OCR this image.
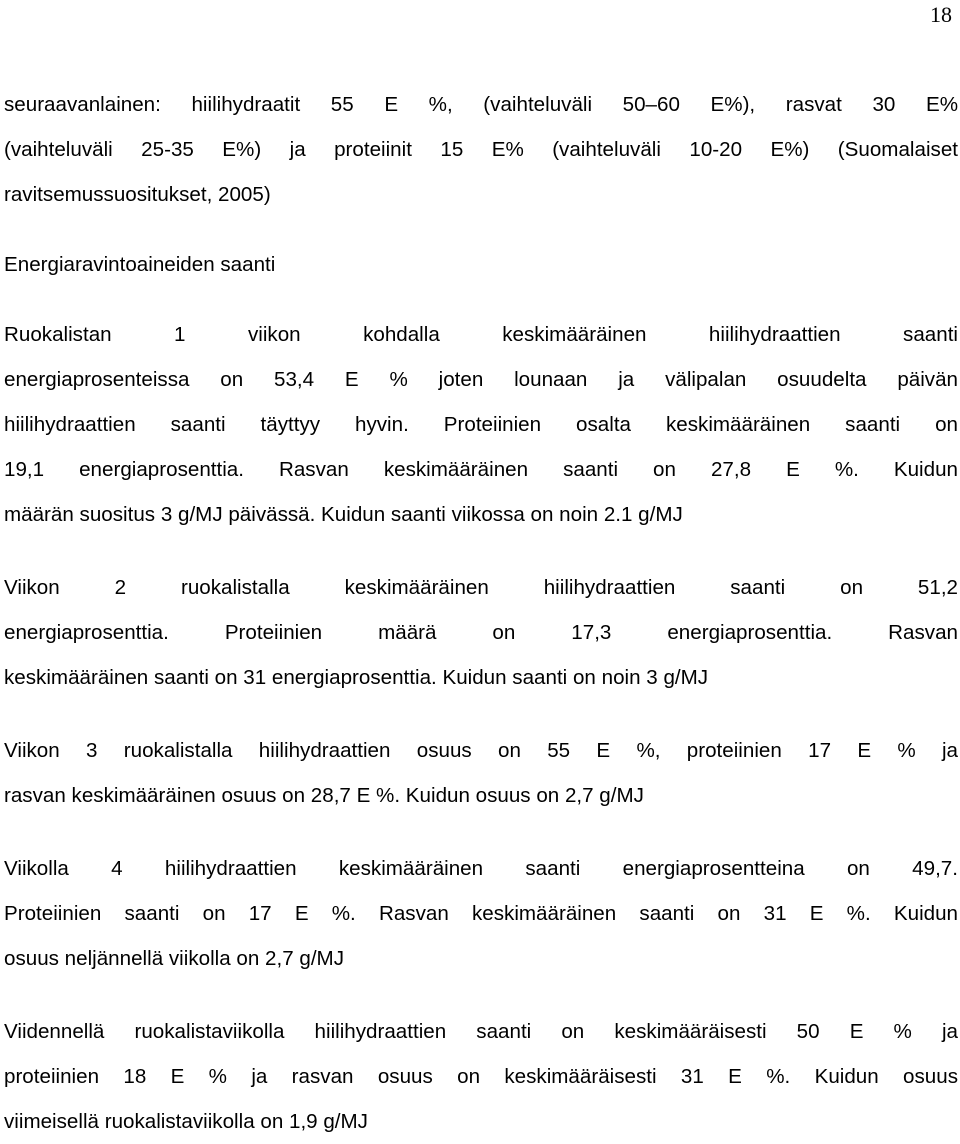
18
seuraavanlainen: hiilihydraatit 55 E %, (vaihteluväli 50–60 E%), rasvat 30 E%
(vaihteluväli 25-35 E%) ja proteiinit 15 E% (vaihteluväli 10-20 E%) (Suomalaiset
ravitsemussuositukset, 2005)
Energiaravintoaineiden saanti
Ruokalistan 1 viikon kohdalla keskimääräinen hiilihydraattien saanti
energiaprosenteissa on 53,4 E % joten lounaan ja välipalan osuudelta päivän
hiilihydraattien saanti täyttyy hyvin. Proteiinien osalta keskimääräinen saanti on
19,1 energiaprosenttia. Rasvan keskimääräinen saanti on 27,8 E %. Kuidun
määrän suositus 3 g/MJ päivässä. Kuidun saanti viikossa on noin 2.1 g/MJ
Viikon 2 ruokalistalla keskimääräinen hiilihydraattien saanti on 51,2
energiaprosenttia. Proteiinien määrä on 17,3 energiaprosenttia. Rasvan
keskimääräinen saanti on 31 energiaprosenttia. Kuidun saanti on noin 3 g/MJ
Viikon 3 ruokalistalla hiilihydraattien osuus on 55 E %, proteiinien 17 E % ja
rasvan keskimääräinen osuus on 28,7 E %. Kuidun osuus on 2,7 g/MJ
Viikolla 4 hiilihydraattien keskimääräinen saanti energiaprosentteina on 49,7.
Proteiinien saanti on 17 E %. Rasvan keskimääräinen saanti on 31 E %. Kuidun
osuus neljännellä viikolla on 2,7 g/MJ
Viidennellä ruokalistaviikolla hiilihydraattien saanti on keskimääräisesti 50 E % ja
proteiinien 18 E % ja rasvan osuus on keskimääräisesti 31 E %. Kuidun osuus
viimeisellä ruokalistaviikolla on 1,9 g/MJ
